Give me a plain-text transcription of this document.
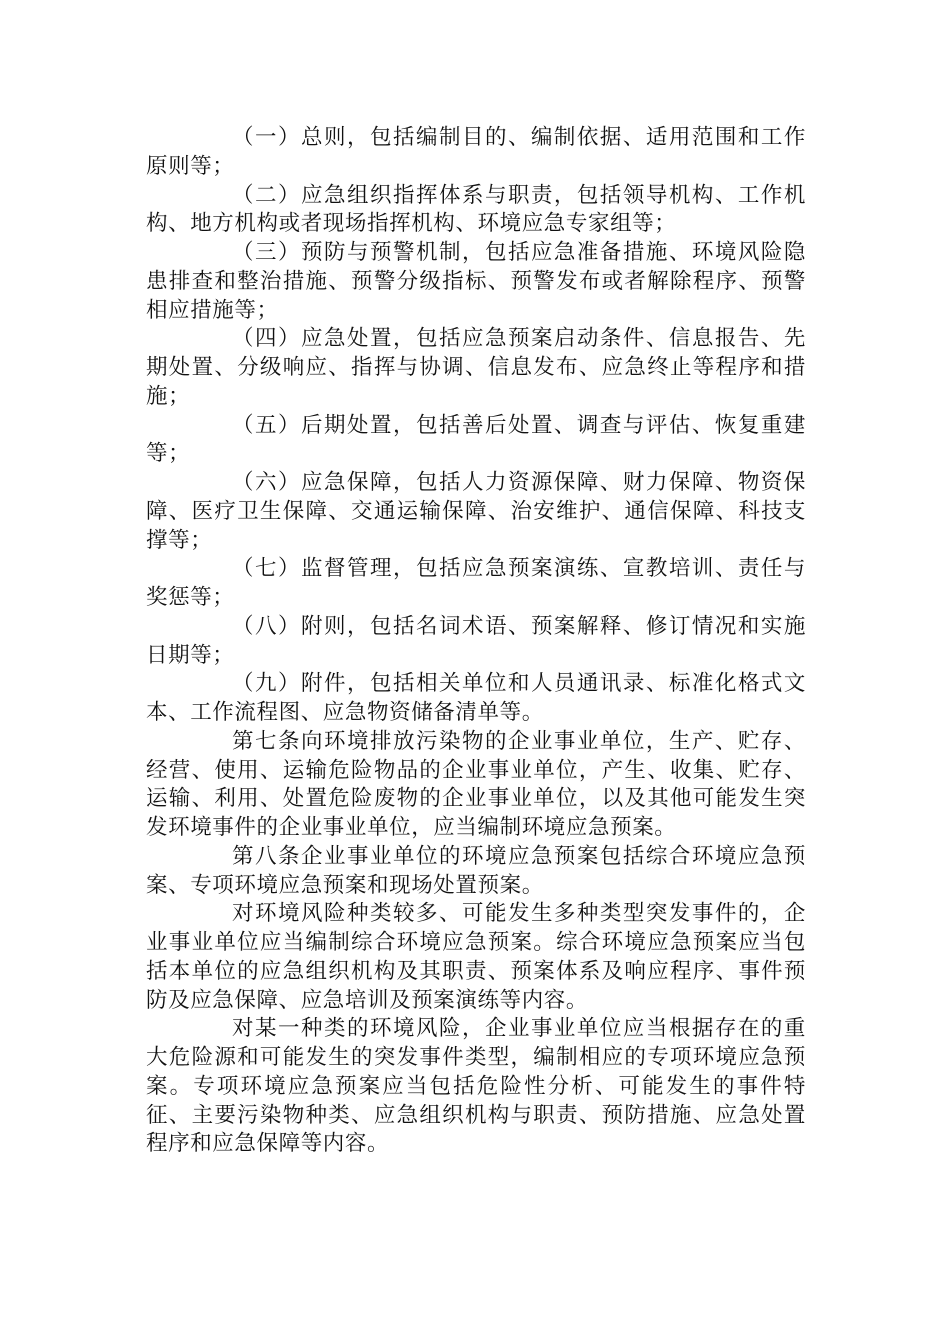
（一）总则，包括编制目的、编制依据、适用范围和工作原则等；

（二）应急组织指挥体系与职责，包括领导机构、工作机构、地方机构或者现场指挥机构、环境应急专家组等；

（三）预防与预警机制，包括应急准备措施、环境风险隐患排查和整治措施、预警分级指标、预警发布或者解除程序、预警相应措施等；

（四）应急处置，包括应急预案启动条件、信息报告、先期处置、分级响应、指挥与协调、信息发布、应急终止等程序和措施；

（五）后期处置，包括善后处置、调查与评估、恢复重建等；

（六）应急保障，包括人力资源保障、财力保障、物资保障、医疗卫生保障、交通运输保障、治安维护、通信保障、科技支撑等；

（七）监督管理，包括应急预案演练、宣教培训、责任与奖惩等；

（八）附则，包括名词术语、预案解释、修订情况和实施日期等；

（九）附件，包括相关单位和人员通讯录、标准化格式文本、工作流程图、应急物资储备清单等。

第七条向环境排放污染物的企业事业单位，生产、贮存、经营、使用、运输危险物品的企业事业单位，产生、收集、贮存、运输、利用、处置危险废物的企业事业单位，以及其他可能发生突发环境事件的企业事业单位，应当编制环境应急预案。

第八条企业事业单位的环境应急预案包括综合环境应急预案、专项环境应急预案和现场处置预案。

对环境风险种类较多、可能发生多种类型突发事件的，企业事业单位应当编制综合环境应急预案。综合环境应急预案应当包括本单位的应急组织机构及其职责、预案体系及响应程序、事件预防及应急保障、应急培训及预案演练等内容。

对某一种类的环境风险，企业事业单位应当根据存在的重大危险源和可能发生的突发事件类型，编制相应的专项环境应急预案。专项环境应急预案应当包括危险性分析、可能发生的事件特征、主要污染物种类、应急组织机构与职责、预防措施、应急处置程序和应急保障等内容。
